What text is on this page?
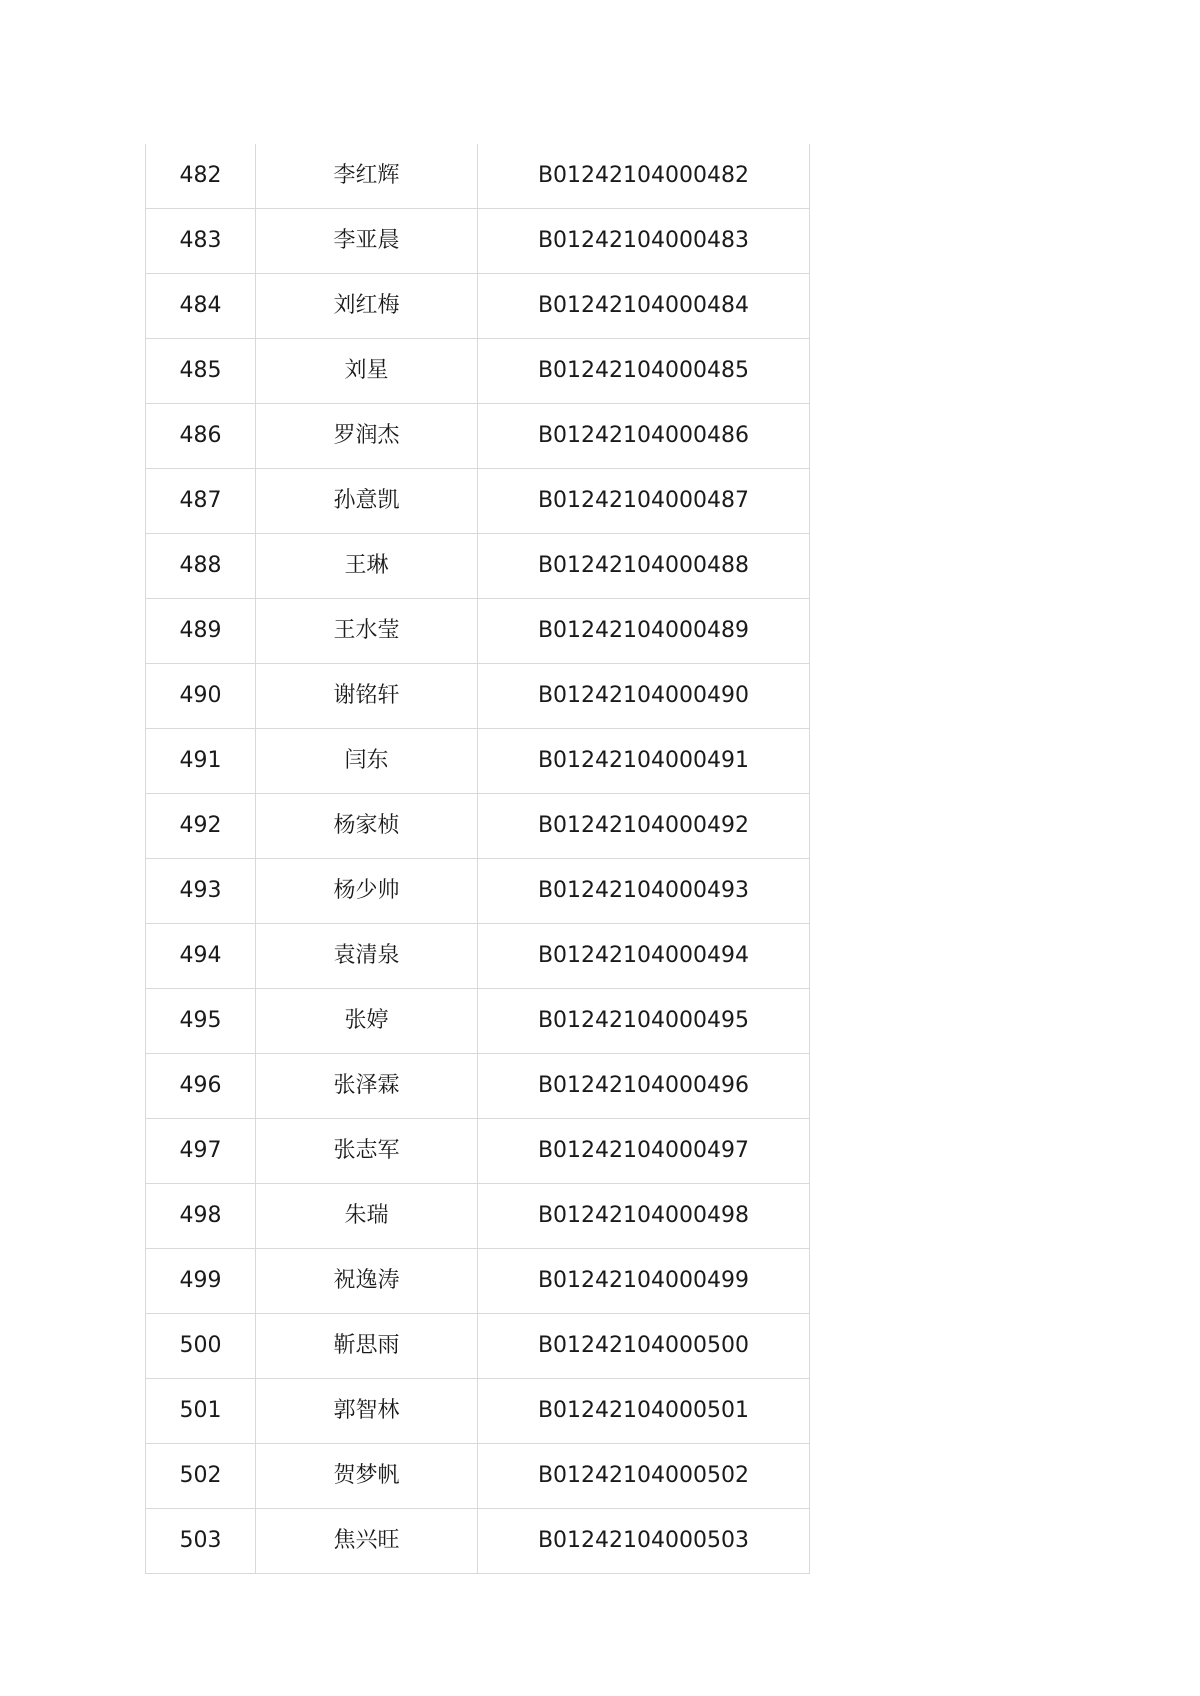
482	李红辉	B01242104000482
483	李亚晨	B01242104000483
484	刘红梅	B01242104000484
485	刘星	B01242104000485
486	罗润杰	B01242104000486
487	孙意凯	B01242104000487
488	王琳	B01242104000488
489	王水莹	B01242104000489
490	谢铭轩	B01242104000490
491	闫东	B01242104000491
492	杨家桢	B01242104000492
493	杨少帅	B01242104000493
494	袁清泉	B01242104000494
495	张婷	B01242104000495
496	张泽霖	B01242104000496
497	张志军	B01242104000497
498	朱瑞	B01242104000498
499	祝逸涛	B01242104000499
500	靳思雨	B01242104000500
501	郭智林	B01242104000501
502	贺梦帆	B01242104000502
503	焦兴旺	B01242104000503
